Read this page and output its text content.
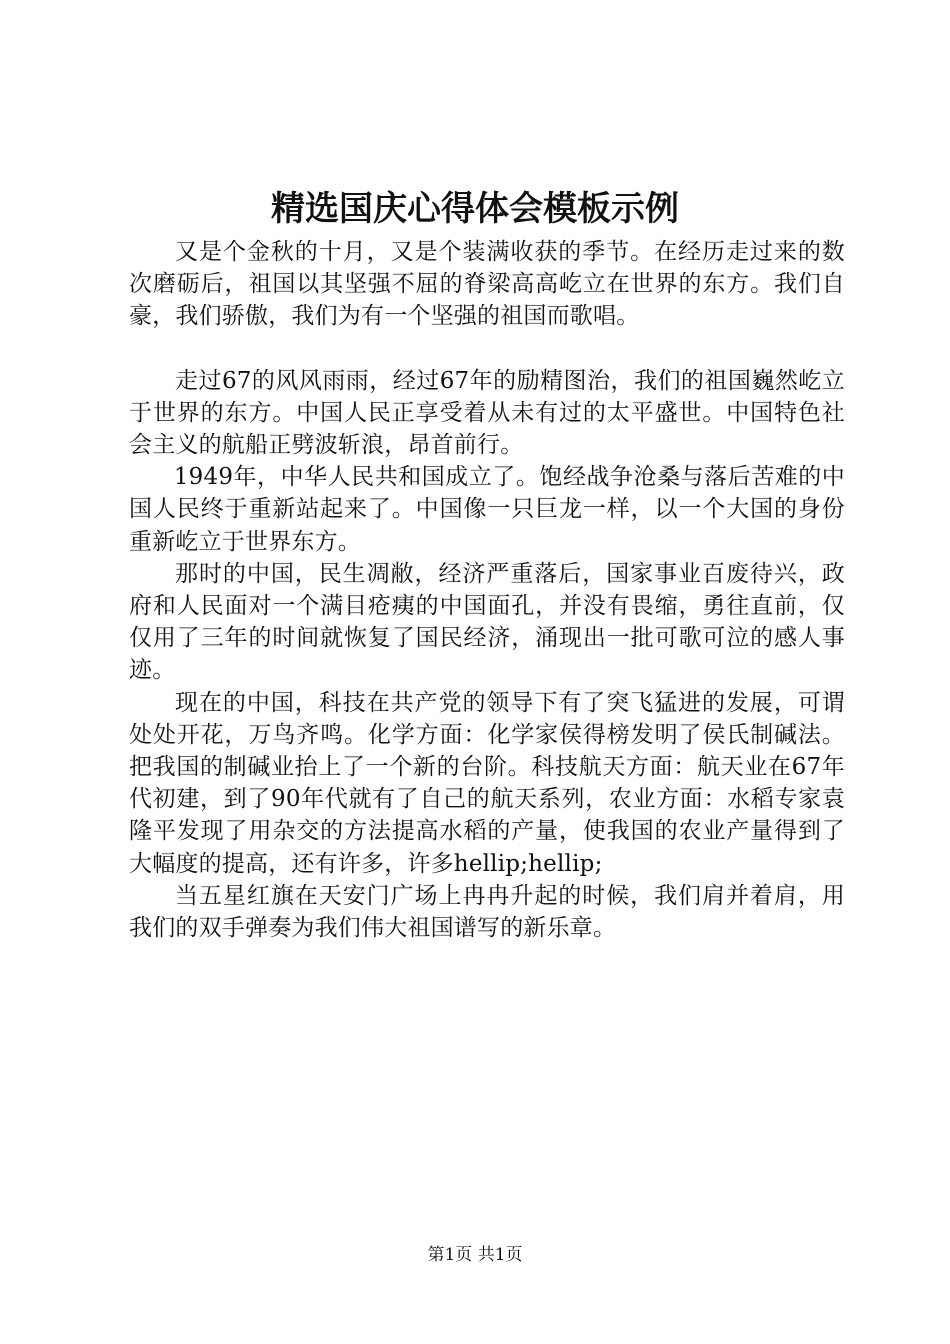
精选国庆心得体会模板示例

又是个金秋的十月，又是个装满收获的季节。在经历走过来的数次磨砺后，祖国以其坚强不屈的脊梁高高屹立在世界的东方。我们自豪，我们骄傲，我们为有一个坚强的祖国而歌唱。

走过67的风风雨雨，经过67年的励精图治，我们的祖国巍然屹立于世界的东方。中国人民正享受着从未有过的太平盛世。中国特色社会主义的航船正劈波斩浪，昂首前行。

1949年，中华人民共和国成立了。饱经战争沧桑与落后苦难的中国人民终于重新站起来了。中国像一只巨龙一样，以一个大国的身份重新屹立于世界东方。

那时的中国，民生凋敝，经济严重落后，国家事业百废待兴，政府和人民面对一个满目疮痍的中国面孔，并没有畏缩，勇往直前，仅仅用了三年的时间就恢复了国民经济，涌现出一批可歌可泣的感人事迹。

现在的中国，科技在共产党的领导下有了突飞猛进的发展，可谓处处开花，万鸟齐鸣。化学方面：化学家侯得榜发明了侯氏制碱法。把我国的制碱业抬上了一个新的台阶。科技航天方面：航天业在67年代初建，到了90年代就有了自己的航天系列，农业方面：水稻专家袁隆平发现了用杂交的方法提高水稻的产量，使我国的农业产量得到了大幅度的提高，还有许多，许多hellip;hellip;

当五星红旗在天安门广场上冉冉升起的时候，我们肩并着肩，用我们的双手弹奏为我们伟大祖国谱写的新乐章。

第1页 共1页
